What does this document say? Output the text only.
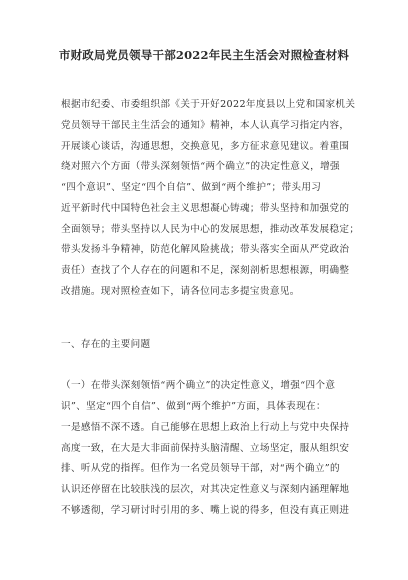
市财政局党员领导干部2022年民主生活会对照检查材料
根据市纪委、市委组织部《关于开好2022年度县以上党和国家机关
党员领导干部民主生活会的通知》精神，本人认真学习指定内容，
开展谈心谈话，沟通思想，交换意见，多方征求意见建议。着重围
绕对照六个方面（带头深刻领悟“两个确立”的决定性意义，增强
“四个意识”、坚定“四个自信”、做到“两个维护”；带头用习
近平新时代中国特色社会主义思想凝心铸魂；带头坚持和加强党的
全面领导；带头坚持以人民为中心的发展思想，推动改革发展稳定；
带头发扬斗争精神，防范化解风险挑战；带头落实全面从严党政治
责任）查找了个人存在的问题和不足，深刻剖析思想根源，明确整
改措施。现对照检查如下，请各位同志多提宝贵意见。
一、存在的主要问题
（一）在带头深刻领悟“两个确立”的决定性意义，增强“四个意
识”、坚定“四个自信”、做到“两个维护”方面，具体表现在：
一是感悟不深不透。自己能够在思想上政治上行动上与党中央保持
高度一致，在大是大非面前保持头脑清醒、立场坚定，服从组织安
排、听从党的指挥。但作为一名党员领导干部，对“两个确立”的
认识还停留在比较肤浅的层次，对其决定性意义与深刻内涵理解地
不够透彻，学习研讨时引用的多、嘴上说的得多，但没有真正则进
